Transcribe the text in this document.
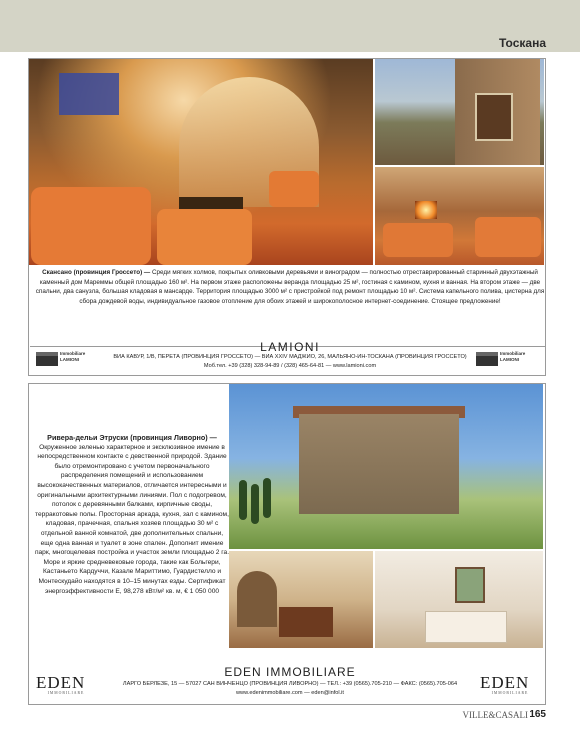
Тоскана
Скансано (провинция Гроссето) — Среди мягких холмов, покрытых оливковыми деревьями и виноградом — полностью отреставрированный старинный двухэтажный каменный дом Мареммы общей площадью 160 м². На первом этаже расположены веранда площадью 25 м², гостиная с камином, кухня и ванная. На втором этаже — две спальни, два санузла, большая кладовая в мансарде. Территория площадью 3000 м² с пристройкой под ремонт площадью 10 м². Система капельного полива, цистерна для сбора дождевой воды, индивидуальное газовое отопление для обоих этажей и широкополосное интернет-соединение. Стоящее предложение!
LAMIONI
ВИА КАВУР, 1/В, ПЕРЕТА (ПРОВИНЦИЯ ГРОССЕТО) — ВИА ХХIV МАДЖИО, 26, МАЛЬЯНО-ИН-ТОСКАНА (ПРОВИНЦИЯ ГРОССЕТО)
Моб.тел. +39 (328) 328-94-89 / (328) 465-64-81 — www.lamioni.com
Immobiliare
LAMIONI
Immobiliare
LAMIONI
Ривера-дельи Этруски (провинция Ливорно) —
Окруженное зеленью характерное и эксклюзивное имение в непосредственном контакте с девственной природой. Здание было отремонтировано с учетом первоначального распределения помещений и использованием высококачественных материалов, отличается интересными и оригинальными архитектурными линиями. Пол с подогревом, потолок с деревянными балками, кирпичные своды, терракотовые полы. Просторная аркада, кухня, зал с камином, кладовая, прачечная, спальня хозяев площадью 30 м² с отдельной ванной комнатой, две дополнительных спальни, еще одна ванная и туалет в зоне спален. Дополнит имение парк, многоцелевая постройка и участок земли площадью 2 га. Море и яркие средневековые города, такие как Больгери, Кастаньето Кардуччи, Казале Мариттимо, Гуардистелло и Монтескудайо находятся в 10–15 минутах езды. Сертификат энергоэффективности Е, 98,278 кВт/м² кв. м, € 1 050 000
EDEN IMMOBILIARE
ЛАРГО БЕРЛЕЗЕ, 15 — 57027 САН ВИНЧЕНЦО (ПРОВИНЦИЯ ЛИВОРНО) — ТЕЛ.: +39 (0565).705-210 — ФАКС: (0565).705-064
www.edenimmobiliare.com — eden@infol.it
EDEN
IMMOBILIARE
EDEN
IMMOBILIARE
VILLE&CASALI 165
